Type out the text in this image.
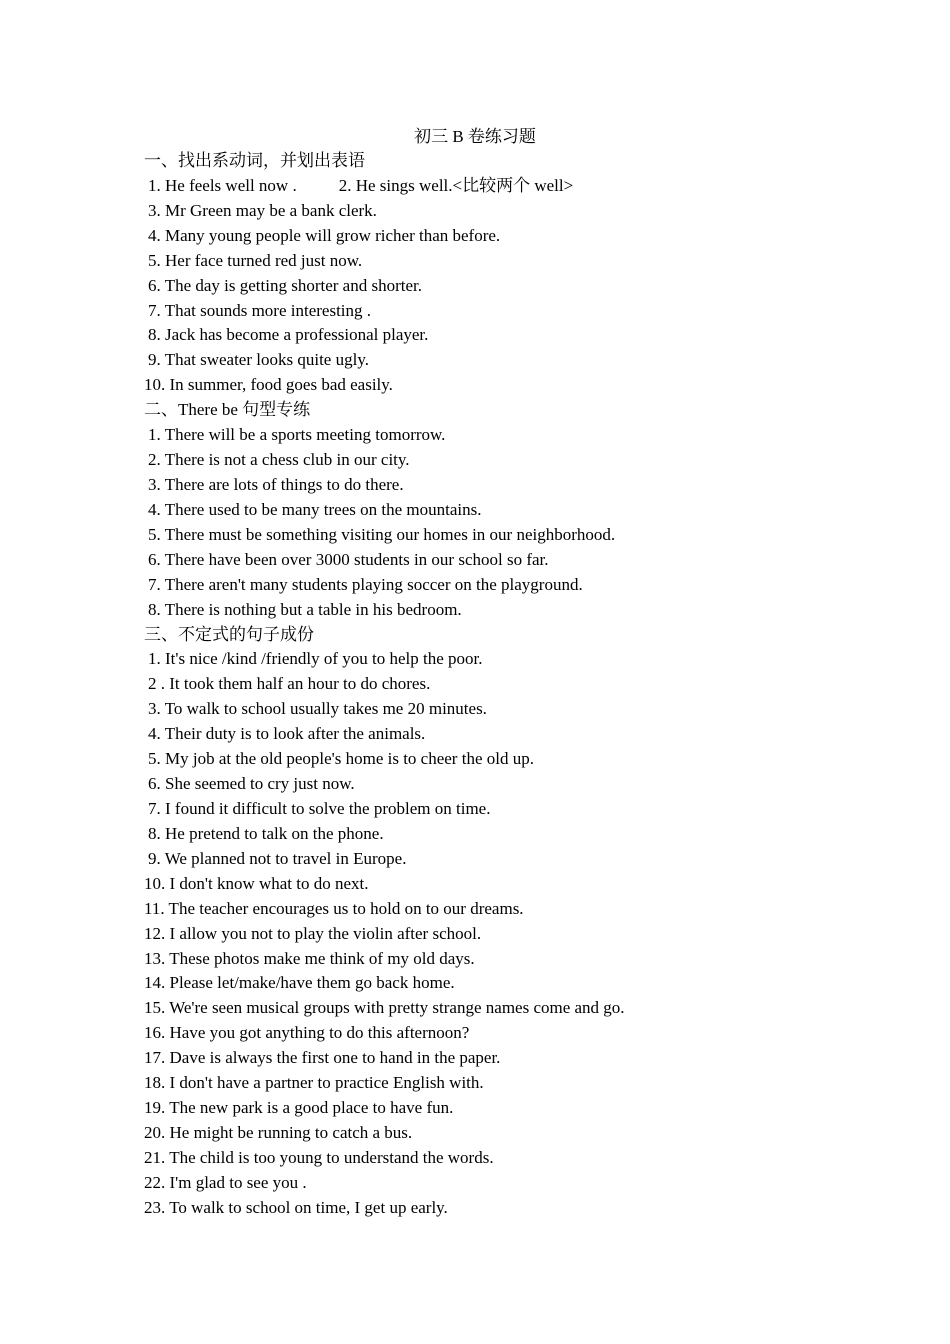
初三 B 卷练习题
一、找出系动词，并划出表语
1. He feels well now . 2. He sings well.<比较两个 well>
3. Mr Green may be a bank clerk.
4. Many young people will grow richer than before.
5. Her face turned red just now.
6. The day is getting shorter and shorter.
7. That sounds more interesting .
8. Jack has become a professional player.
9. That sweater looks quite ugly.
10. In summer, food goes bad easily.
二、There be 句型专练
1. There will be a sports meeting tomorrow.
2. There is not a chess club in our city.
3. There are lots of things to do there.
4. There used to be many trees on the mountains.
5. There must be something visiting our homes in our neighborhood.
6. There have been over 3000 students in our school so far.
7. There aren't many students playing soccer on the playground.
8. There is nothing but a table in his bedroom.
三、不定式的句子成份
1. It's nice /kind /friendly of you to help the poor.
2 . It took them half an hour to do chores.
3. To walk to school usually takes me 20 minutes.
4. Their duty is to look after the animals.
5. My job at the old people's home is to cheer the old up.
6. She seemed to cry just now.
7. I found it difficult to solve the problem on time.
8. He pretend to talk on the phone.
9. We planned not to travel in Europe.
10. I don't know what to do next.
11. The teacher encourages us to hold on to our dreams.
12. I allow you not to play the violin after school.
13. These photos make me think of my old days.
14. Please let/make/have them go back home.
15. We're seen musical groups with pretty strange names come and go.
16. Have you got anything to do this afternoon?
17. Dave is always the first one to hand in the paper.
18. I don't have a partner to practice English with.
19. The new park is a good place to have fun.
20. He might be running to catch a bus.
21. The child is too young to understand the words.
22. I'm glad to see you .
23. To walk to school on time, I get up early.
